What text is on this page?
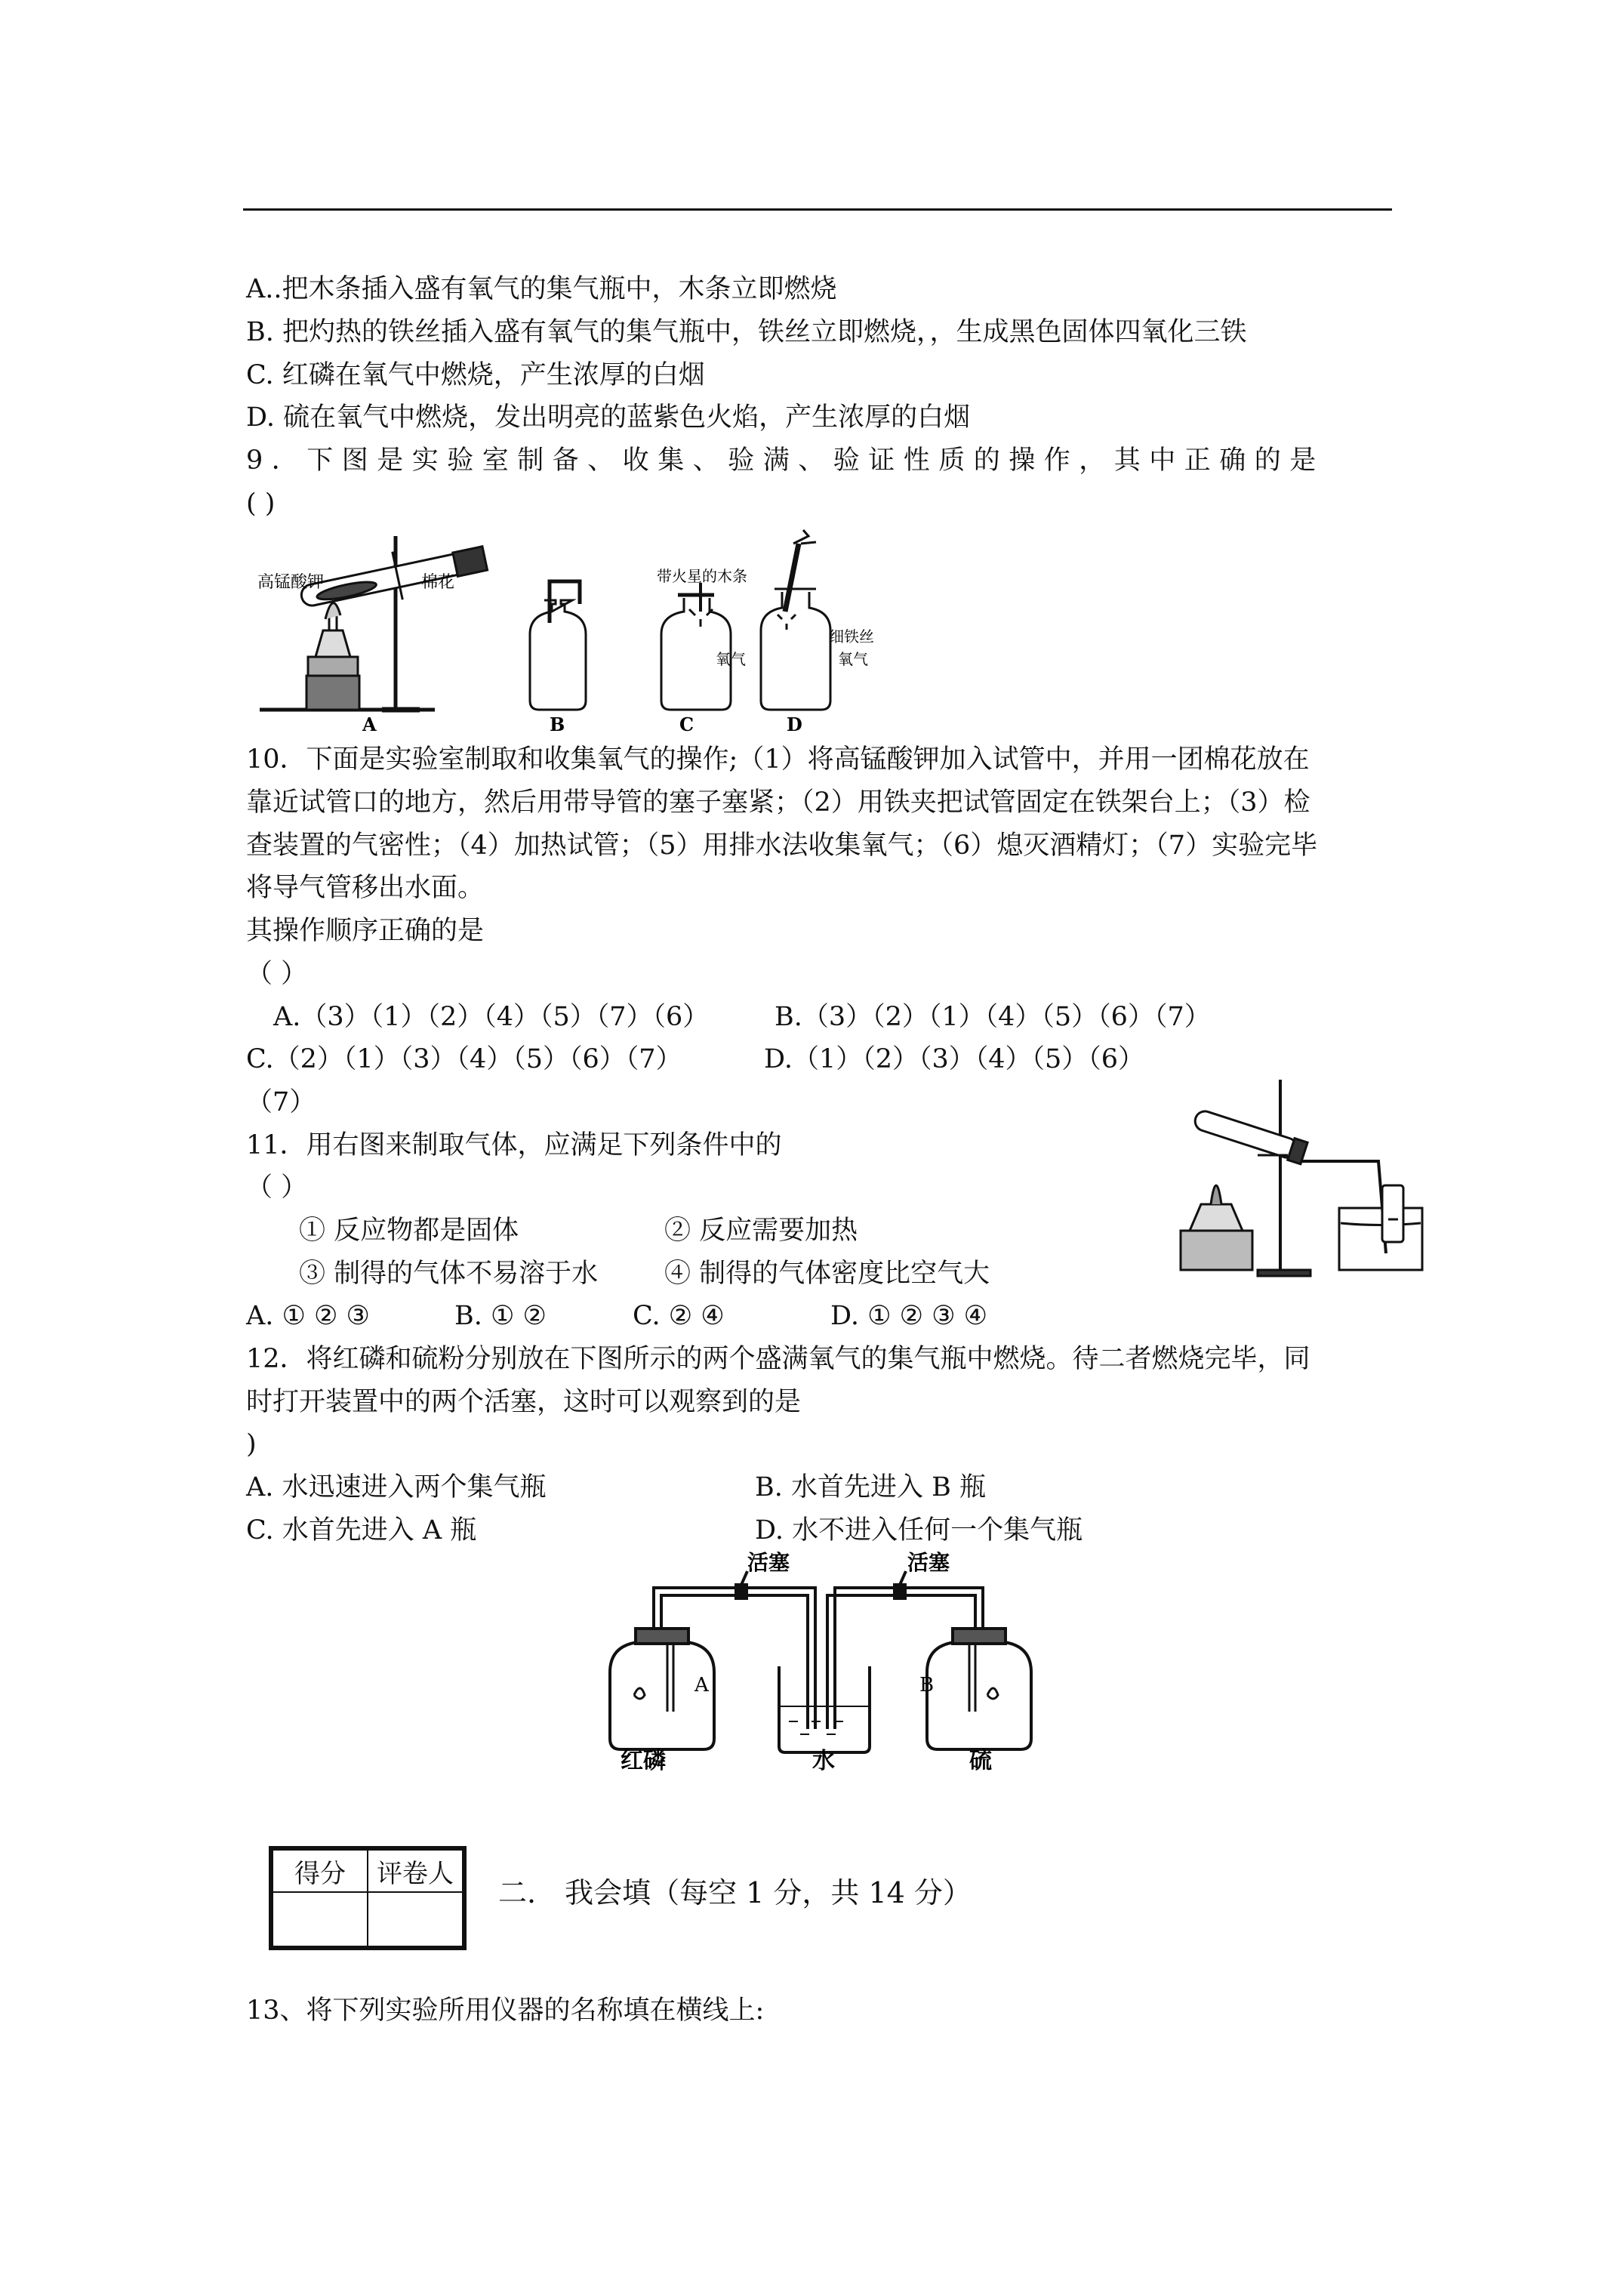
A..把木条插入盛有氧气的集气瓶中，木条立即燃烧
B. 把灼热的铁丝插入盛有氧气的集气瓶中，铁丝立即燃烧，，生成黑色固体四氧化三铁
C. 红磷在氧气中燃烧，产生浓厚的白烟
D. 硫在氧气中燃烧，发出明亮的蓝紫色火焰，产生浓厚的白烟
9．下图是实验室制备、收集、验满、验证性质的操作，其中正确的是
( )
高锰酸钾	棉花
A	B
带火星的木条
氧气
C
细铁丝
氧气
D
10．下面是实验室制取和收集氧气的操作;（1）将高锰酸钾加入试管中，并用一团棉花放在
靠近试管口的地方，然后用带导管的塞子塞紧；（2）用铁夹把试管固定在铁架台上；（3）检
查装置的气密性；（4）加热试管；（5）用排水法收集氧气；（6）熄灭酒精灯；（7）实验完毕
将导气管移出水面。
其操作顺序正确的是
（ ）
A.（3）（1）（2）（4）（5）（7）（6） B.（3）（2）（1）（4）（5）（6）（7）
C.（2）（1）（3）（4）（5）（6）（7）	D.（1）（2）（3）（4）（5）（6）
（7）
11．用右图来制取气体，应满足下列条件中的
（ ）
① 反应物都是固体	② 反应需要加热
③ 制得的气体不易溶于水	④ 制得的气体密度比空气大
A. ① ② ③	B. ① ②	C. ② ④	D. ① ② ③ ④
12．将红磷和硫粉分别放在下图所示的两个盛满氧气的集气瓶中燃烧。待二者燃烧完毕，同
时打开装置中的两个活塞，这时可以观察到的是
)
A. 水迅速进入两个集气瓶	B. 水首先进入 B 瓶
C. 水首先进入 A 瓶	D. 水不进入任何一个集气瓶
活塞	活塞
A	B
红磷	水	硫
得分	评卷人

二.　我会填（每空 1 分，共 14 分）
13、将下列实验所用仪器的名称填在横线上:
